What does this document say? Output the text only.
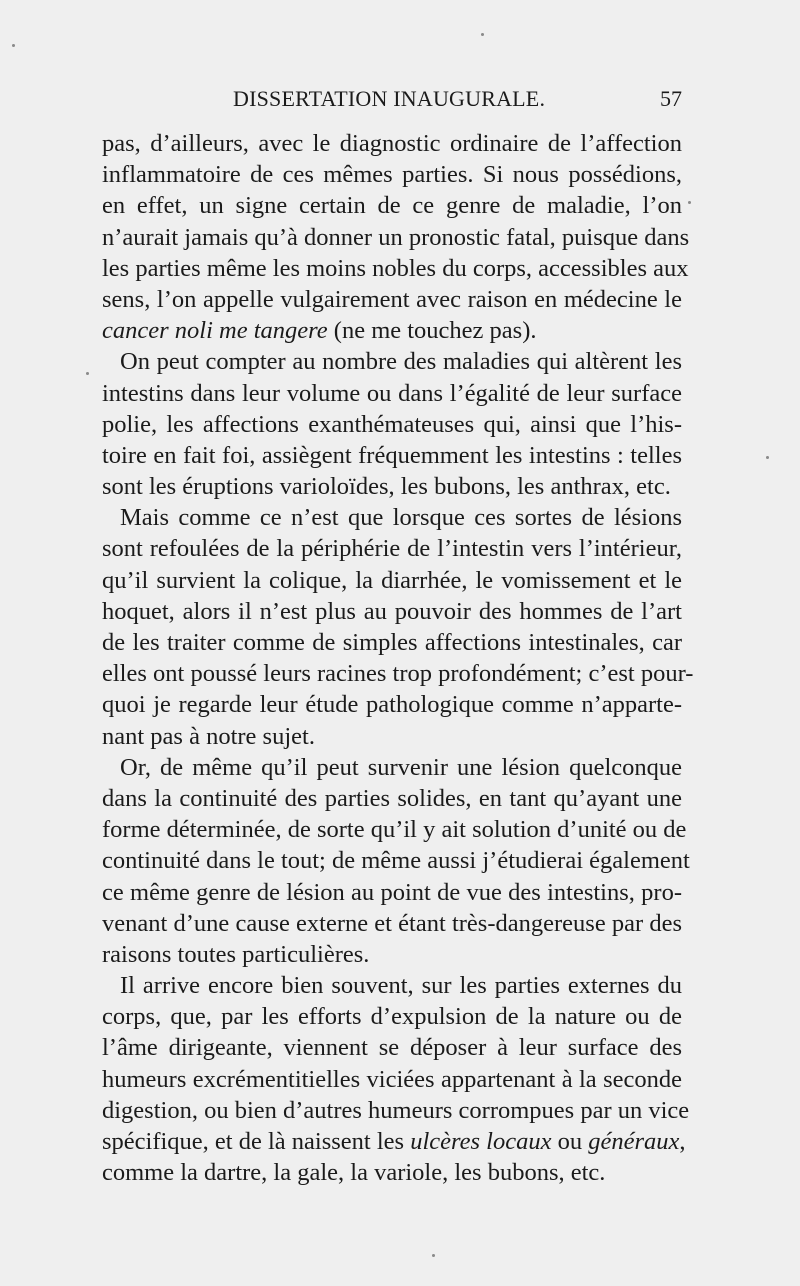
DISSERTATION INAUGURALE.	57
pas, d’ailleurs, avec le diagnostic ordinaire de l’affection
inflammatoire de ces mêmes parties. Si nous possédions,
en effet, un signe certain de ce genre de maladie, l’on
n’aurait jamais qu’à donner un pronostic fatal, puisque dans
les parties même les moins nobles du corps, accessibles aux
sens, l’on appelle vulgairement avec raison en médecine le
cancer noli me tangere (ne me touchez pas).
On peut compter au nombre des maladies qui altèrent les
intestins dans leur volume ou dans l’égalité de leur surface
polie, les affections exanthémateuses qui, ainsi que l’his-
toire en fait foi, assiègent fréquemment les intestins : telles
sont les éruptions varioloïdes, les bubons, les anthrax, etc.
Mais comme ce n’est que lorsque ces sortes de lésions
sont refoulées de la périphérie de l’intestin vers l’intérieur,
qu’il survient la colique, la diarrhée, le vomissement et le
hoquet, alors il n’est plus au pouvoir des hommes de l’art
de les traiter comme de simples affections intestinales, car
elles ont poussé leurs racines trop profondément; c’est pour-
quoi je regarde leur étude pathologique comme n’apparte-
nant pas à notre sujet.
Or, de même qu’il peut survenir une lésion quelconque
dans la continuité des parties solides, en tant qu’ayant une
forme déterminée, de sorte qu’il y ait solution d’unité ou de
continuité dans le tout; de même aussi j’étudierai également
ce même genre de lésion au point de vue des intestins, pro-
venant d’une cause externe et étant très-dangereuse par des
raisons toutes particulières.
Il arrive encore bien souvent, sur les parties externes du
corps, que, par les efforts d’expulsion de la nature ou de
l’âme dirigeante, viennent se déposer à leur surface des
humeurs excrémentitielles viciées appartenant à la seconde
digestion, ou bien d’autres humeurs corrompues par un vice
spécifique, et de là naissent les ulcères locaux ou généraux,
comme la dartre, la gale, la variole, les bubons, etc.
